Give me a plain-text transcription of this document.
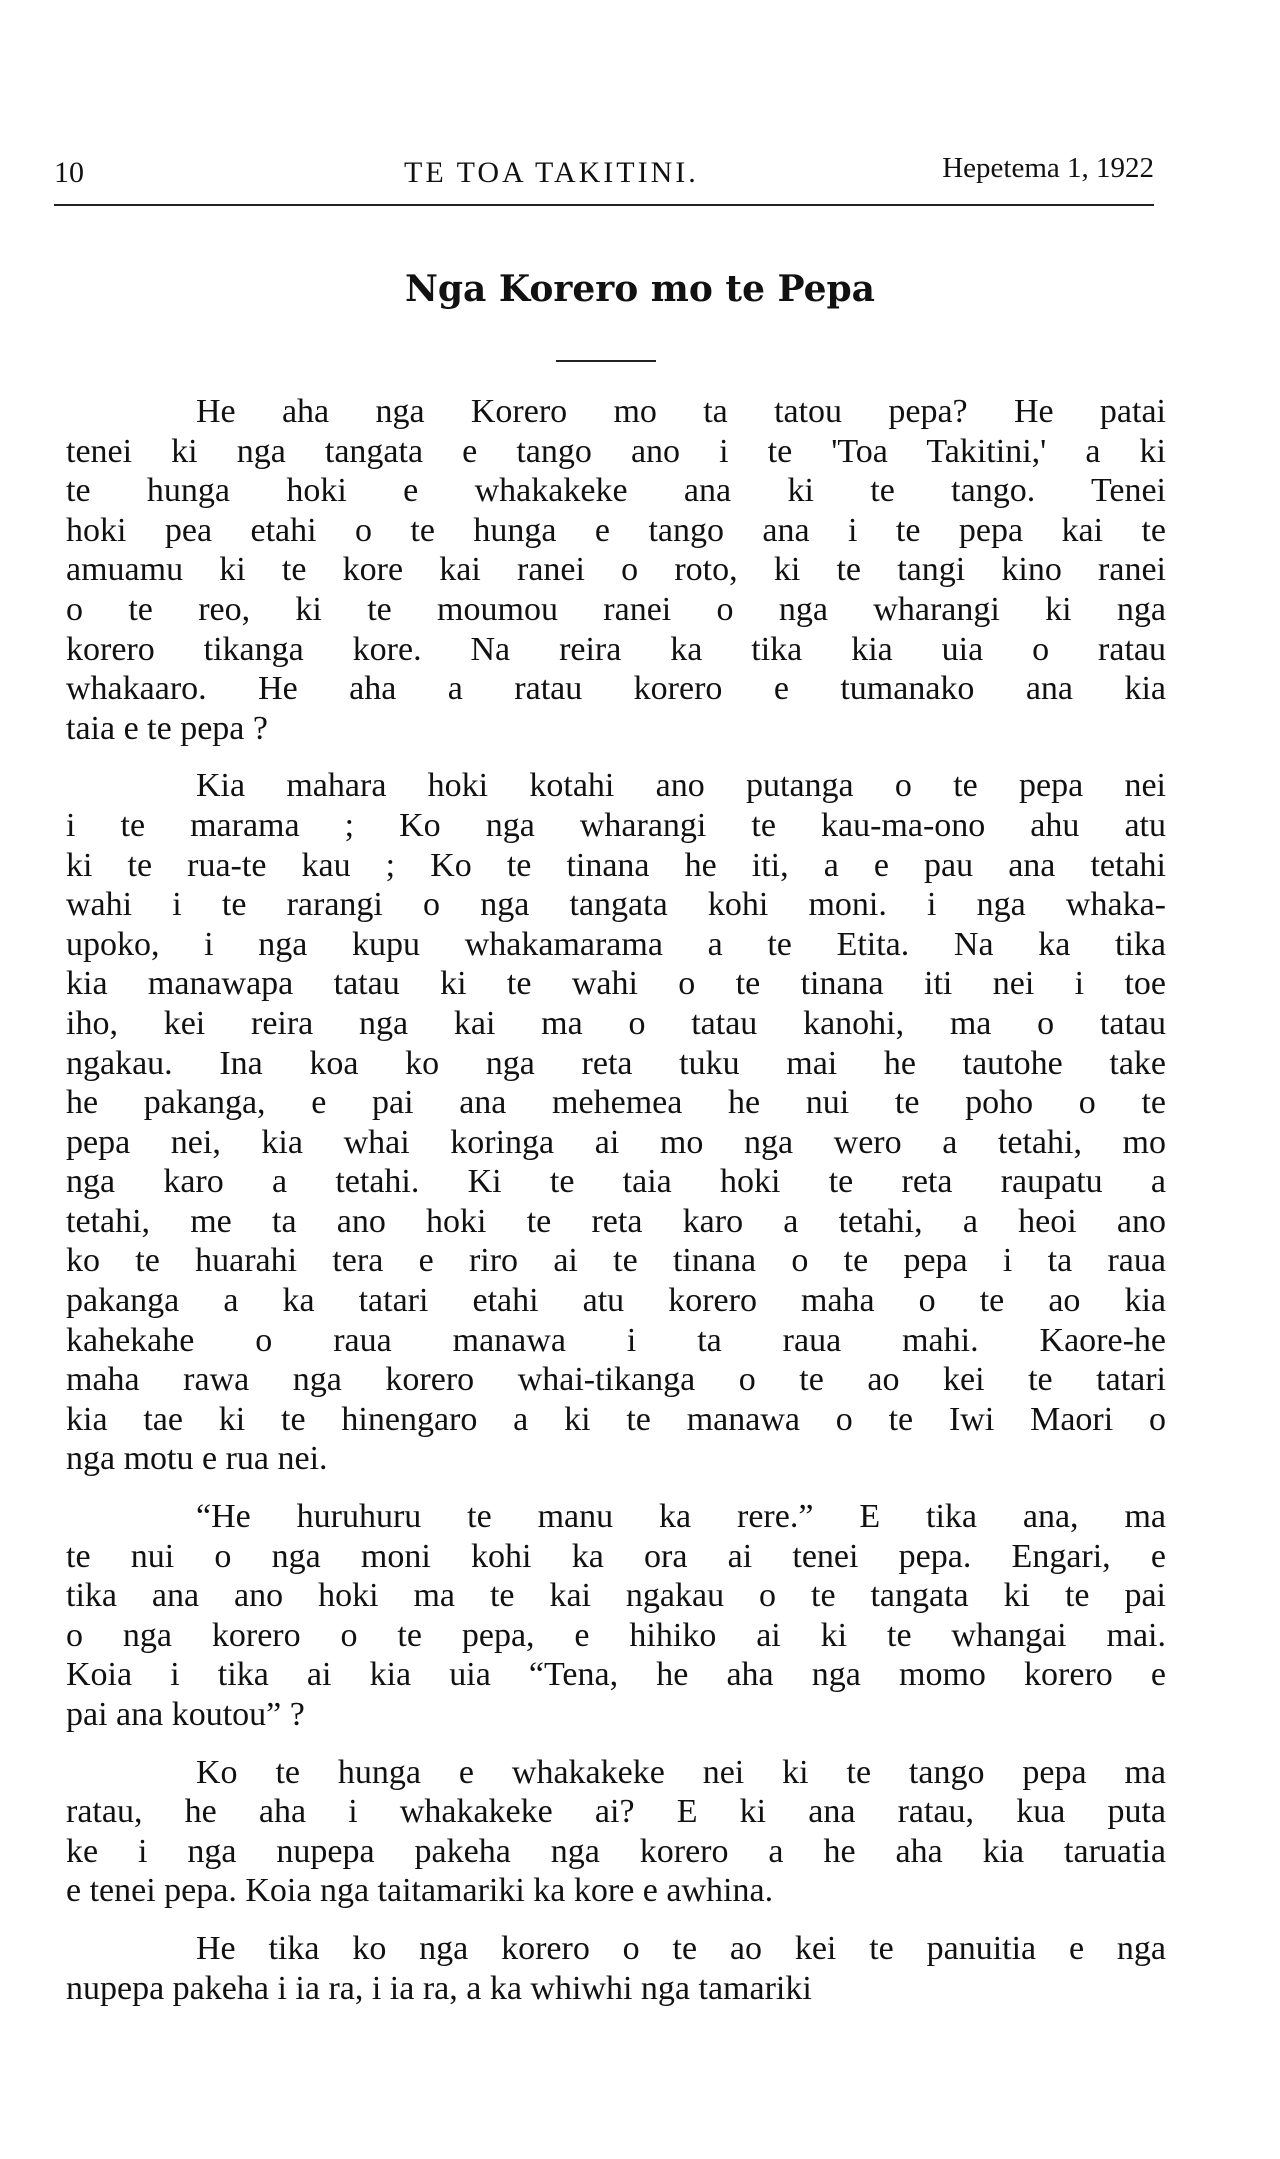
10	TE TOA TAKITINI.	Hepetema 1, 1922
Nga Korero mo te Pepa
He aha nga Korero mo ta tatou pepa? He patai
tenei ki nga tangata e tango ano i te 'Toa Takitini,' a ki
te hunga hoki e whakakeke ana ki te tango. Tenei
hoki pea etahi o te hunga e tango ana i te pepa kai te
amuamu ki te kore kai ranei o roto, ki te tangi kino ranei
o te reo, ki te moumou ranei o nga wharangi ki nga
korero tikanga kore. Na reira ka tika kia uia o ratau
whakaaro. He aha a ratau korero e tumanako ana kia
taia e te pepa ?
Kia mahara hoki kotahi ano putanga o te pepa nei
i te marama ; Ko nga wharangi te kau-ma-ono ahu atu
ki te rua-te kau ; Ko te tinana he iti, a e pau ana tetahi
wahi i te rarangi o nga tangata kohi moni. i nga whaka-
upoko, i nga kupu whakamarama a te Etita. Na ka tika
kia manawapa tatau ki te wahi o te tinana iti nei i toe
iho, kei reira nga kai ma o tatau kanohi, ma o tatau
ngakau. Ina koa ko nga reta tuku mai he tautohe take
he pakanga, e pai ana mehemea he nui te poho o te
pepa nei, kia whai koringa ai mo nga wero a tetahi, mo
nga karo a tetahi. Ki te taia hoki te reta raupatu a
tetahi, me ta ano hoki te reta karo a tetahi, a heoi ano
ko te huarahi tera e riro ai te tinana o te pepa i ta raua
pakanga a ka tatari etahi atu korero maha o te ao kia
kahekahe o raua manawa i ta raua mahi. Kaore-he
maha rawa nga korero whai-tikanga o te ao kei te tatari
kia tae ki te hinengaro a ki te manawa o te Iwi Maori o
nga motu e rua nei.
“He huruhuru te manu ka rere.” E tika ana, ma
te nui o nga moni kohi ka ora ai tenei pepa. Engari, e
tika ana ano hoki ma te kai ngakau o te tangata ki te pai
o nga korero o te pepa, e hihiko ai ki te whangai mai.
Koia i tika ai kia uia “Tena, he aha nga momo korero e
pai ana koutou” ?
Ko te hunga e whakakeke nei ki te tango pepa ma
ratau, he aha i whakakeke ai? E ki ana ratau, kua puta
ke i nga nupepa pakeha nga korero a he aha kia taruatia
e tenei pepa. Koia nga taitamariki ka kore e awhina.
He tika ko nga korero o te ao kei te panuitia e nga
nupepa pakeha i ia ra, i ia ra, a ka whiwhi nga tamariki
